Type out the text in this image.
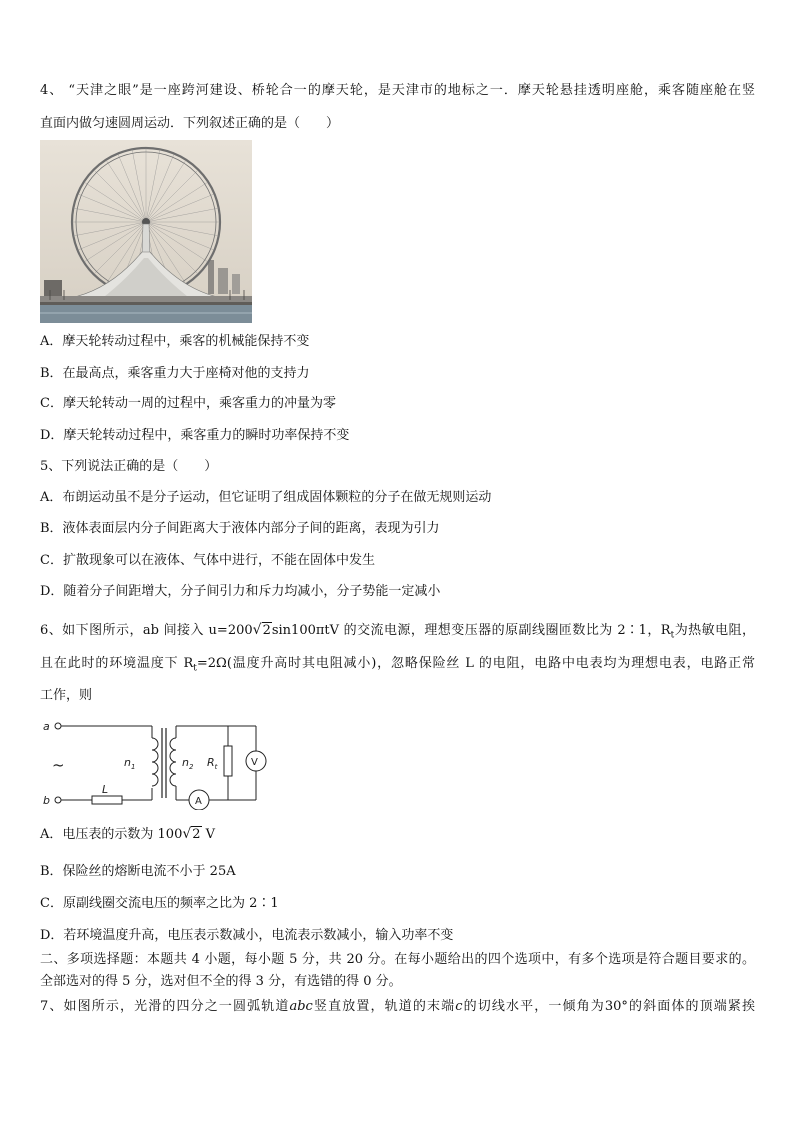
4、 “天津之眼”是一座跨河建设、桥轮合一的摩天轮，是天津市的地标之一．摩天轮悬挂透明座舱，乘客随座舱在竖
直面内做匀速圆周运动．下列叙述正确的是（　　）
A．摩天轮转动过程中，乘客的机械能保持不变
B．在最高点，乘客重力大于座椅对他的支持力
C．摩天轮转动一周的过程中，乘客重力的冲量为零
D．摩天轮转动过程中，乘客重力的瞬时功率保持不变
5、下列说法正确的是（　　）
A．布朗运动虽不是分子运动，但它证明了组成固体颗粒的分子在做无规则运动
B．液体表面层内分子间距离大于液体内部分子间的距离，表现为引力
C．扩散现象可以在液体、气体中进行，不能在固体中发生
D．随着分子间距增大，分子间引力和斥力均减小，分子势能一定减小
6、如下图所示，ab 间接入 u=200√2sin100πtV 的交流电源，理想变压器的原副线圈匝数比为 2∶1，$R_t$为热敏电阻，
且在此时的环境温度下 $R_t=2\Omega$(温度升高时其电阻减小)，忽略保险丝 L 的电阻，电路中电表均为理想电表，电路正常
工作，则
a
b
~
L
$n_1$	$n_2$ $R_t$	V
A
A．电压表的示数为 100√2 V
B．保险丝的熔断电流不小于 25A
C．原副线圈交流电压的频率之比为 2∶1
D．若环境温度升高，电压表示数减小，电流表示数减小，输入功率不变
二、多项选择题：本题共 4 小题，每小题 5 分，共 20 分。在每小题给出的四个选项中，有多个选项是符合题目要求的。
全部选对的得 5 分，选对但不全的得 3 分，有选错的得 0 分。
7、如图所示，光滑的四分之一圆弧轨道abc竖直放置，轨道的末端c的切线水平，一倾角为30°的斜面体的顶端紧挨
